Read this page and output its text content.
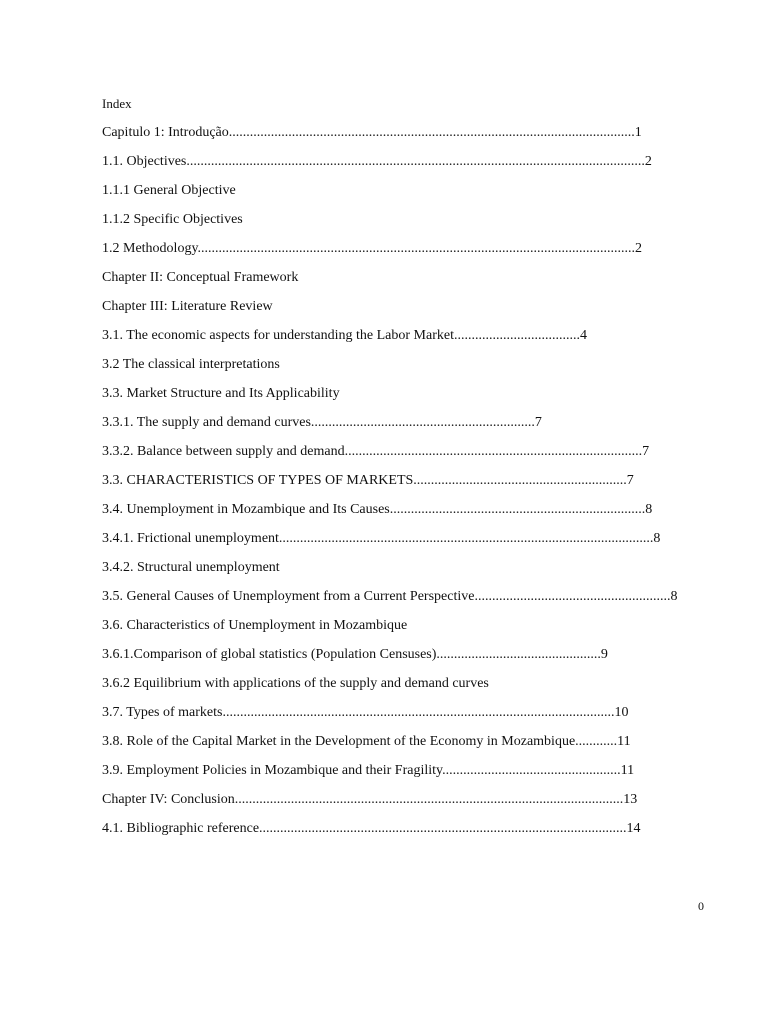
Index
Capitulo 1: Introdução....................................................................................................................1
1.1. Objectives...................................................................................................................................2
1.1.1 General Objective
1.1.2 Specific Objectives
1.2 Methodology.............................................................................................................................2
Chapter II: Conceptual Framework
Chapter III: Literature Review
3.1. The economic aspects for understanding the Labor Market....................................4
3.2 The classical interpretations
3.3. Market Structure and Its Applicability
3.3.1. The supply and demand curves................................................................7
3.3.2. Balance between supply and demand.....................................................................................7
3.3. CHARACTERISTICS OF TYPES OF MARKETS.............................................................7
3.4. Unemployment in Mozambique and Its Causes.........................................................................8
3.4.1. Frictional unemployment...........................................................................................................8
3.4.2. Structural unemployment
3.5. General Causes of Unemployment from a Current Perspective........................................................8
3.6. Characteristics of Unemployment in Mozambique
3.6.1.Comparison of global statistics (Population Censuses)...............................................9
3.6.2 Equilibrium with applications of the supply and demand curves
3.7. Types of markets................................................................................................................10
3.8. Role of the Capital Market in the Development of the Economy in Mozambique............11
3.9. Employment Policies in Mozambique and their Fragility...................................................11
Chapter IV: Conclusion...............................................................................................................13
4.1. Bibliographic reference.........................................................................................................14
0
